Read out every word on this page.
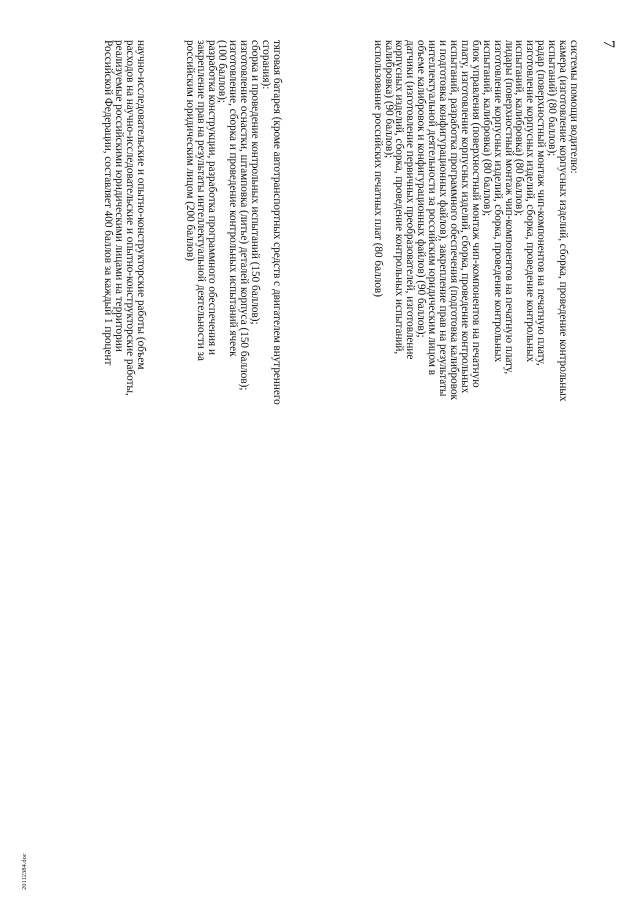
7
системы помощи водителю:
камера (изготовление корпусных изделий, сборка, проведение контрольных
испытаний) (80 баллов);
радар (поверхностный монтаж чип-компонентов на печатную плату,
изготовление корпусных изделий, сборка, проведение контрольных
испытаний, калибровка) (80 баллов);
лидары (поверхностный монтаж чип-компонентов на печатную плату,
изготовление корпусных изделий, сборка, проведение контрольных
испытаний, калибровка) (80 баллов);
блок управления (поверхностный монтаж чип-компонентов на печатную
плату, изготовление корпусных изделий, сборка, проведение контрольных
испытаний, разработка программного обеспечения (подготовка калибровок
и подготовка конфигурационных файлов), закрепление прав на результаты
интеллектуальной деятельности за российским юридическим лицом в
объеме калибровок и конфигурационных файлов) (90 баллов);
датчики (изготовление первичных преобразователей, изготовление
корпусных изделий, сборка, проведение контрольных испытаний,
калибровка) (90 баллов);
использование российских печатных плат (80 баллов)
тяговая батарея (кроме автотранспортных средств с двигателем внутреннего
сгорания):
сборка и проведение контрольных испытаний (150 баллов);
изготовление оснастки, штамповка (литье) деталей корпуса (150 баллов);
изготовление, сборка и проведение контрольных испытаний ячеек
(100 баллов);
разработка конструкции, разработка программного обеспечения и
закрепление прав на результаты интеллектуальной деятельности за
российским юридическим лицом (200 баллов)
научно-исследовательские и опытно-конструкторские работы (объем
расходов на научно-исследовательские и опытно-конструкторские работы,
реализуемые российскими юридическими лицами на территории
Российской Федерации, составляет 400 баллов за каждый 1 процент
20112384.doc
